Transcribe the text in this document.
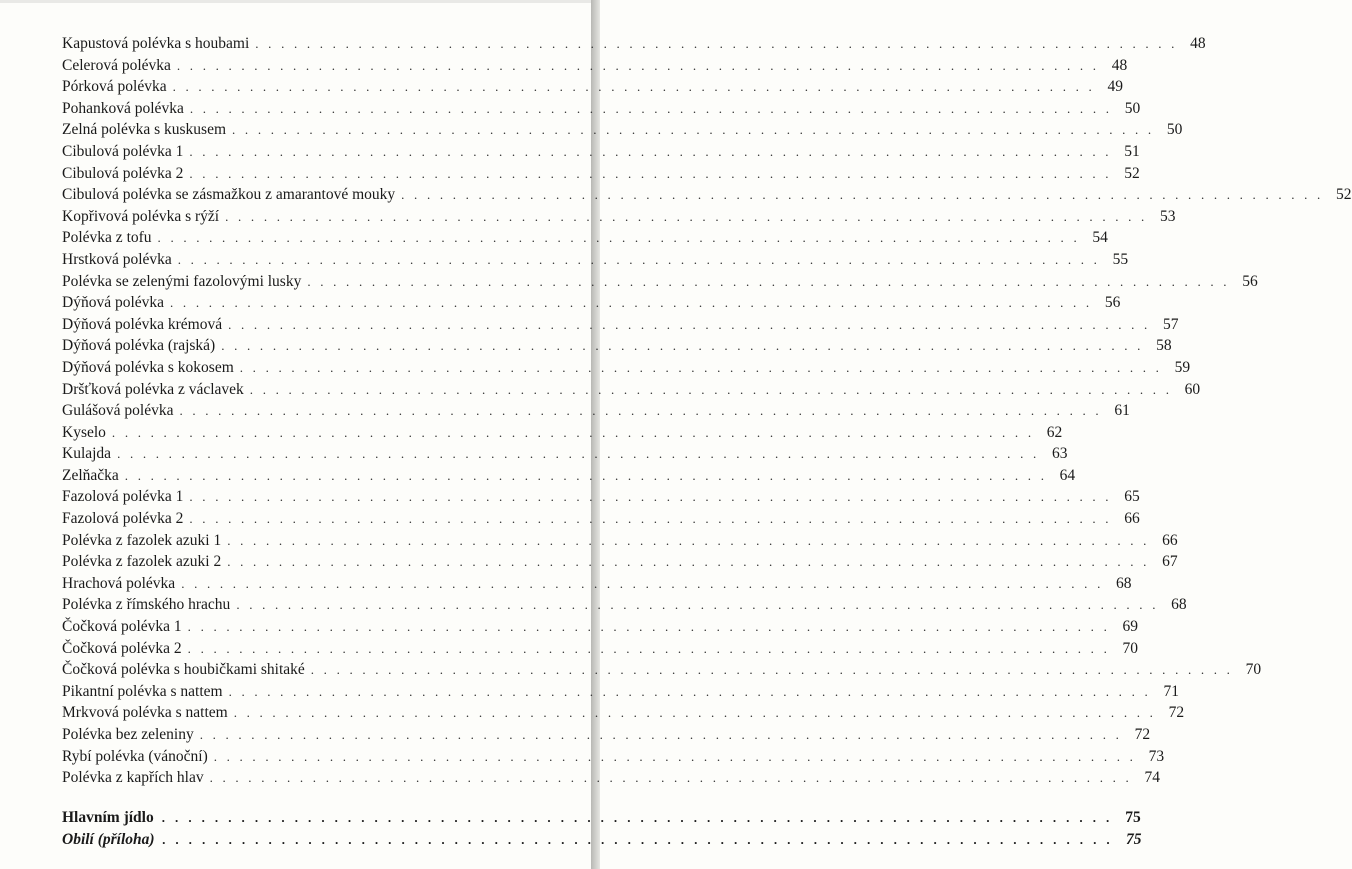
Kapustová polévka s houbami . . . . . . . . . . . . . . . . . . . . . . . . . . . . . . . . . . . . . . . . . . . . . . . . . . . . . . . . . . . . . . . . . . . . . . . . 48
Celerová polévka . . . . . . . . . . . . . . . . . . . . . . . . . . . . . . . . . . . . . . . . . . . . . . . . . . . . . . . . . . . . . . . . . . . . . . . . 48
Pórková polévka . . . . . . . . . . . . . . . . . . . . . . . . . . . . . . . . . . . . . . . . . . . . . . . . . . . . . . . . . . . . . . . . . . . . . . . . 49
Pohanková polévka . . . . . . . . . . . . . . . . . . . . . . . . . . . . . . . . . . . . . . . . . . . . . . . . . . . . . . . . . . . . . . . . . . . . . . . . 50
Zelná polévka s kuskusem . . . . . . . . . . . . . . . . . . . . . . . . . . . . . . . . . . . . . . . . . . . . . . . . . . . . . . . . . . . . . . . . . . . . . . . . 50
Cibulová polévka 1 . . . . . . . . . . . . . . . . . . . . . . . . . . . . . . . . . . . . . . . . . . . . . . . . . . . . . . . . . . . . . . . . . . . . . . . . 51
Cibulová polévka 2 . . . . . . . . . . . . . . . . . . . . . . . . . . . . . . . . . . . . . . . . . . . . . . . . . . . . . . . . . . . . . . . . . . . . . . . . 52
Cibulová polévka se zásmažkou z amarantové mouky . . . . . . . . . . . . . . . . . . . . . . . . . . . . . . . . . . . . . . . . . . . . . . . . . . . . . . . . . . . . . . . . . . . . . . . . 52
Kopřivová polévka s rýží . . . . . . . . . . . . . . . . . . . . . . . . . . . . . . . . . . . . . . . . . . . . . . . . . . . . . . . . . . . . . . . . . . . . . . . . 53
Polévka z tofu . . . . . . . . . . . . . . . . . . . . . . . . . . . . . . . . . . . . . . . . . . . . . . . . . . . . . . . . . . . . . . . . . . . . . . . . 54
Hrstková polévka . . . . . . . . . . . . . . . . . . . . . . . . . . . . . . . . . . . . . . . . . . . . . . . . . . . . . . . . . . . . . . . . . . . . . . . . 55
Polévka se zelenými fazolovými lusky . . . . . . . . . . . . . . . . . . . . . . . . . . . . . . . . . . . . . . . . . . . . . . . . . . . . . . . . . . . . . . . . . . . . . . . . 56
Dýňová polévka . . . . . . . . . . . . . . . . . . . . . . . . . . . . . . . . . . . . . . . . . . . . . . . . . . . . . . . . . . . . . . . . . . . . . . . . 56
Dýňová polévka krémová . . . . . . . . . . . . . . . . . . . . . . . . . . . . . . . . . . . . . . . . . . . . . . . . . . . . . . . . . . . . . . . . . . . . . . . . 57
Dýňová polévka (rajská) . . . . . . . . . . . . . . . . . . . . . . . . . . . . . . . . . . . . . . . . . . . . . . . . . . . . . . . . . . . . . . . . . . . . . . . . 58
Dýňová polévka s kokosem . . . . . . . . . . . . . . . . . . . . . . . . . . . . . . . . . . . . . . . . . . . . . . . . . . . . . . . . . . . . . . . . . . . . . . . . 59
Dršťková polévka z václavek . . . . . . . . . . . . . . . . . . . . . . . . . . . . . . . . . . . . . . . . . . . . . . . . . . . . . . . . . . . . . . . . . . . . . . . . 60
Gulášová polévka . . . . . . . . . . . . . . . . . . . . . . . . . . . . . . . . . . . . . . . . . . . . . . . . . . . . . . . . . . . . . . . . . . . . . . . . 61
Kyselo . . . . . . . . . . . . . . . . . . . . . . . . . . . . . . . . . . . . . . . . . . . . . . . . . . . . . . . . . . . . . . . . . . . . . . . . 62
Kulajda . . . . . . . . . . . . . . . . . . . . . . . . . . . . . . . . . . . . . . . . . . . . . . . . . . . . . . . . . . . . . . . . . . . . . . . . 63
Zelňačka . . . . . . . . . . . . . . . . . . . . . . . . . . . . . . . . . . . . . . . . . . . . . . . . . . . . . . . . . . . . . . . . . . . . . . . . 64
Fazolová polévka 1 . . . . . . . . . . . . . . . . . . . . . . . . . . . . . . . . . . . . . . . . . . . . . . . . . . . . . . . . . . . . . . . . . . . . . . . . 65
Fazolová polévka 2 . . . . . . . . . . . . . . . . . . . . . . . . . . . . . . . . . . . . . . . . . . . . . . . . . . . . . . . . . . . . . . . . . . . . . . . . 66
Polévka z fazolek azuki 1 . . . . . . . . . . . . . . . . . . . . . . . . . . . . . . . . . . . . . . . . . . . . . . . . . . . . . . . . . . . . . . . . . . . . . . . . 66
Polévka z fazolek azuki 2 . . . . . . . . . . . . . . . . . . . . . . . . . . . . . . . . . . . . . . . . . . . . . . . . . . . . . . . . . . . . . . . . . . . . . . . . 67
Hrachová polévka . . . . . . . . . . . . . . . . . . . . . . . . . . . . . . . . . . . . . . . . . . . . . . . . . . . . . . . . . . . . . . . . . . . . . . . . 68
Polévka z římského hrachu . . . . . . . . . . . . . . . . . . . . . . . . . . . . . . . . . . . . . . . . . . . . . . . . . . . . . . . . . . . . . . . . . . . . . . . . 68
Čočková polévka 1 . . . . . . . . . . . . . . . . . . . . . . . . . . . . . . . . . . . . . . . . . . . . . . . . . . . . . . . . . . . . . . . . . . . . . . . . 69
Čočková polévka 2 . . . . . . . . . . . . . . . . . . . . . . . . . . . . . . . . . . . . . . . . . . . . . . . . . . . . . . . . . . . . . . . . . . . . . . . . 70
Čočková polévka s houbičkami shitaké . . . . . . . . . . . . . . . . . . . . . . . . . . . . . . . . . . . . . . . . . . . . . . . . . . . . . . . . . . . . . . . . . . . . . . . . 70
Pikantní polévka s nattem . . . . . . . . . . . . . . . . . . . . . . . . . . . . . . . . . . . . . . . . . . . . . . . . . . . . . . . . . . . . . . . . . . . . . . . . 71
Mrkvová polévka s nattem . . . . . . . . . . . . . . . . . . . . . . . . . . . . . . . . . . . . . . . . . . . . . . . . . . . . . . . . . . . . . . . . . . . . . . . . 72
Polévka bez zeleniny . . . . . . . . . . . . . . . . . . . . . . . . . . . . . . . . . . . . . . . . . . . . . . . . . . . . . . . . . . . . . . . . . . . . . . . . 72
Rybí polévka (vánoční) . . . . . . . . . . . . . . . . . . . . . . . . . . . . . . . . . . . . . . . . . . . . . . . . . . . . . . . . . . . . . . . . . . . . . . . . 73
Polévka z kapřích hlav . . . . . . . . . . . . . . . . . . . . . . . . . . . . . . . . . . . . . . . . . . . . . . . . . . . . . . . . . . . . . . . . . . . . . . . . 74
Hlavním jídlo . . . . . . . . . . . . . . . . . . . . . . . . . . . . . . . . . . . . . . . . . . . . . . . . . . . . . . . . . . . . . . . . . . . . . . . . 75
Obilí (příloha) . . . . . . . . . . . . . . . . . . . . . . . . . . . . . . . . . . . . . . . . . . . . . . . . . . . . . . . . . . . . . . . . . . . . . . . . 75
